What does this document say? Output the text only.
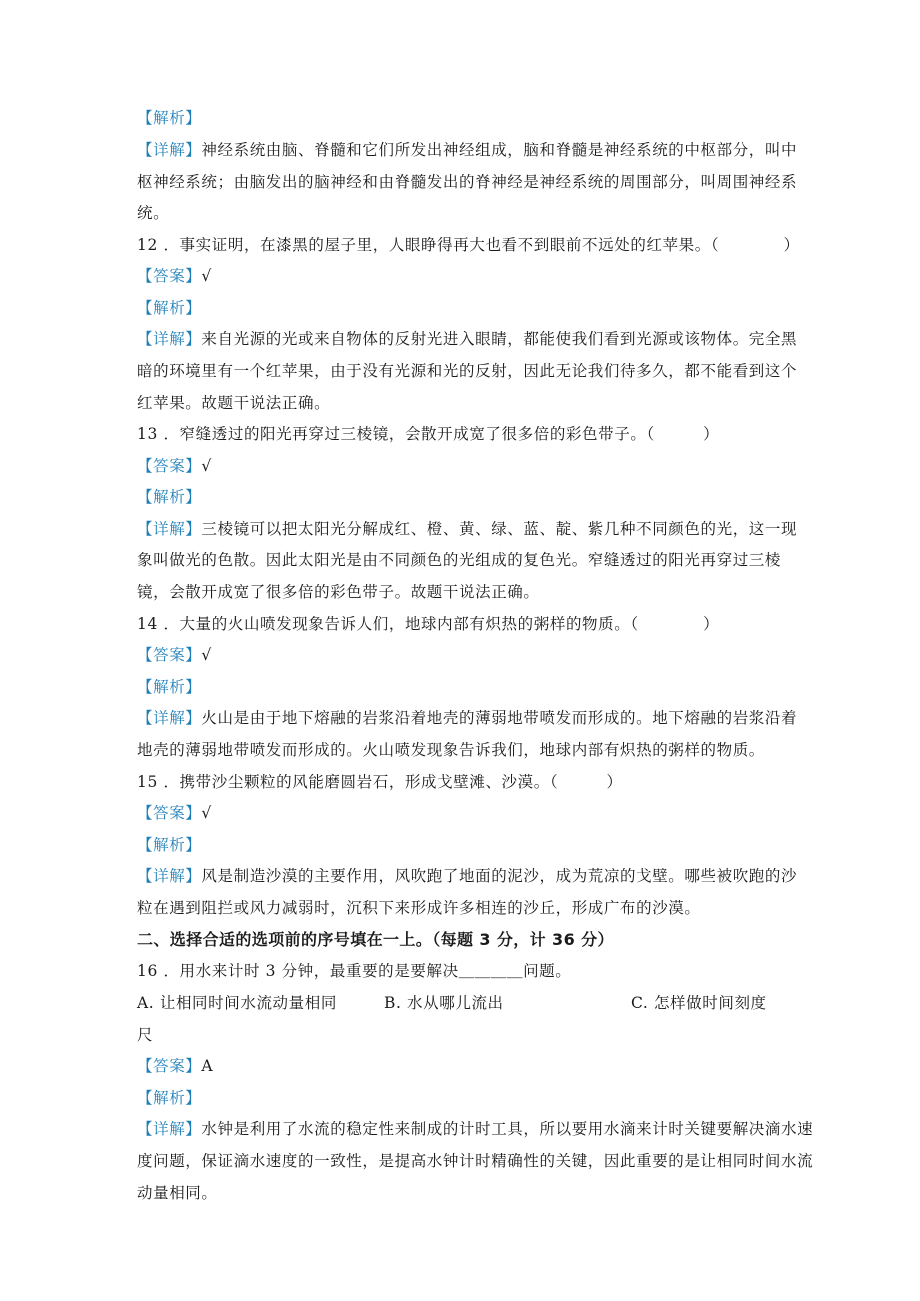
【解析】
【详解】神经系统由脑、脊髓和它们所发出神经组成，脑和脊髓是神经系统的中枢部分，叫中
枢神经系统；由脑发出的脑神经和由脊髓发出的脊神经是神经系统的周围部分，叫周围神经系
统。
12 ．事实证明，在漆黑的屋子里，人眼睁得再大也看不到眼前不远处的红苹果。（　　　　）
【答案】√
【解析】
【详解】来自光源的光或来自物体的反射光进入眼睛，都能使我们看到光源或该物体。完全黑
暗的环境里有一个红苹果，由于没有光源和光的反射，因此无论我们待多久，都不能看到这个
红苹果。故题干说法正确。
13 ．窄缝透过的阳光再穿过三棱镜，会散开成宽了很多倍的彩色带子。（　　　）
【答案】√
【解析】
【详解】三棱镜可以把太阳光分解成红、橙、黄、绿、蓝、靛、紫几种不同颜色的光，这一现
象叫做光的色散。因此太阳光是由不同颜色的光组成的复色光。窄缝透过的阳光再穿过三棱
镜，会散开成宽了很多倍的彩色带子。故题干说法正确。
14 ．大量的火山喷发现象告诉人们，地球内部有炽热的粥样的物质。（　　　　）
【答案】√
【解析】
【详解】火山是由于地下熔融的岩浆沿着地壳的薄弱地带喷发而形成的。地下熔融的岩浆沿着
地壳的薄弱地带喷发而形成的。火山喷发现象告诉我们，地球内部有炽热的粥样的物质。
15 ．携带沙尘颗粒的风能磨圆岩石，形成戈壁滩、沙漠。（　　　）
【答案】√
【解析】
【详解】风是制造沙漠的主要作用，风吹跑了地面的泥沙，成为荒凉的戈壁。哪些被吹跑的沙
粒在遇到阻拦或风力减弱时，沉积下来形成许多相连的沙丘，形成广布的沙漠。
二、选择合适的选项前的序号填在一上。（每题 3 分，计 36 分）
16 ．用水来计时 3 分钟，最重要的是要解决＿＿＿＿问题。
A. 让相同时间水流动量相同	B. 水从哪儿流出	C. 怎样做时间刻度
尺
【答案】A
【解析】
【详解】水钟是利用了水流的稳定性来制成的计时工具，所以要用水滴来计时关键要解决滴水速
度问题，保证滴水速度的一致性，是提高水钟计时精确性的关键，因此重要的是让相同时间水流
动量相同。
